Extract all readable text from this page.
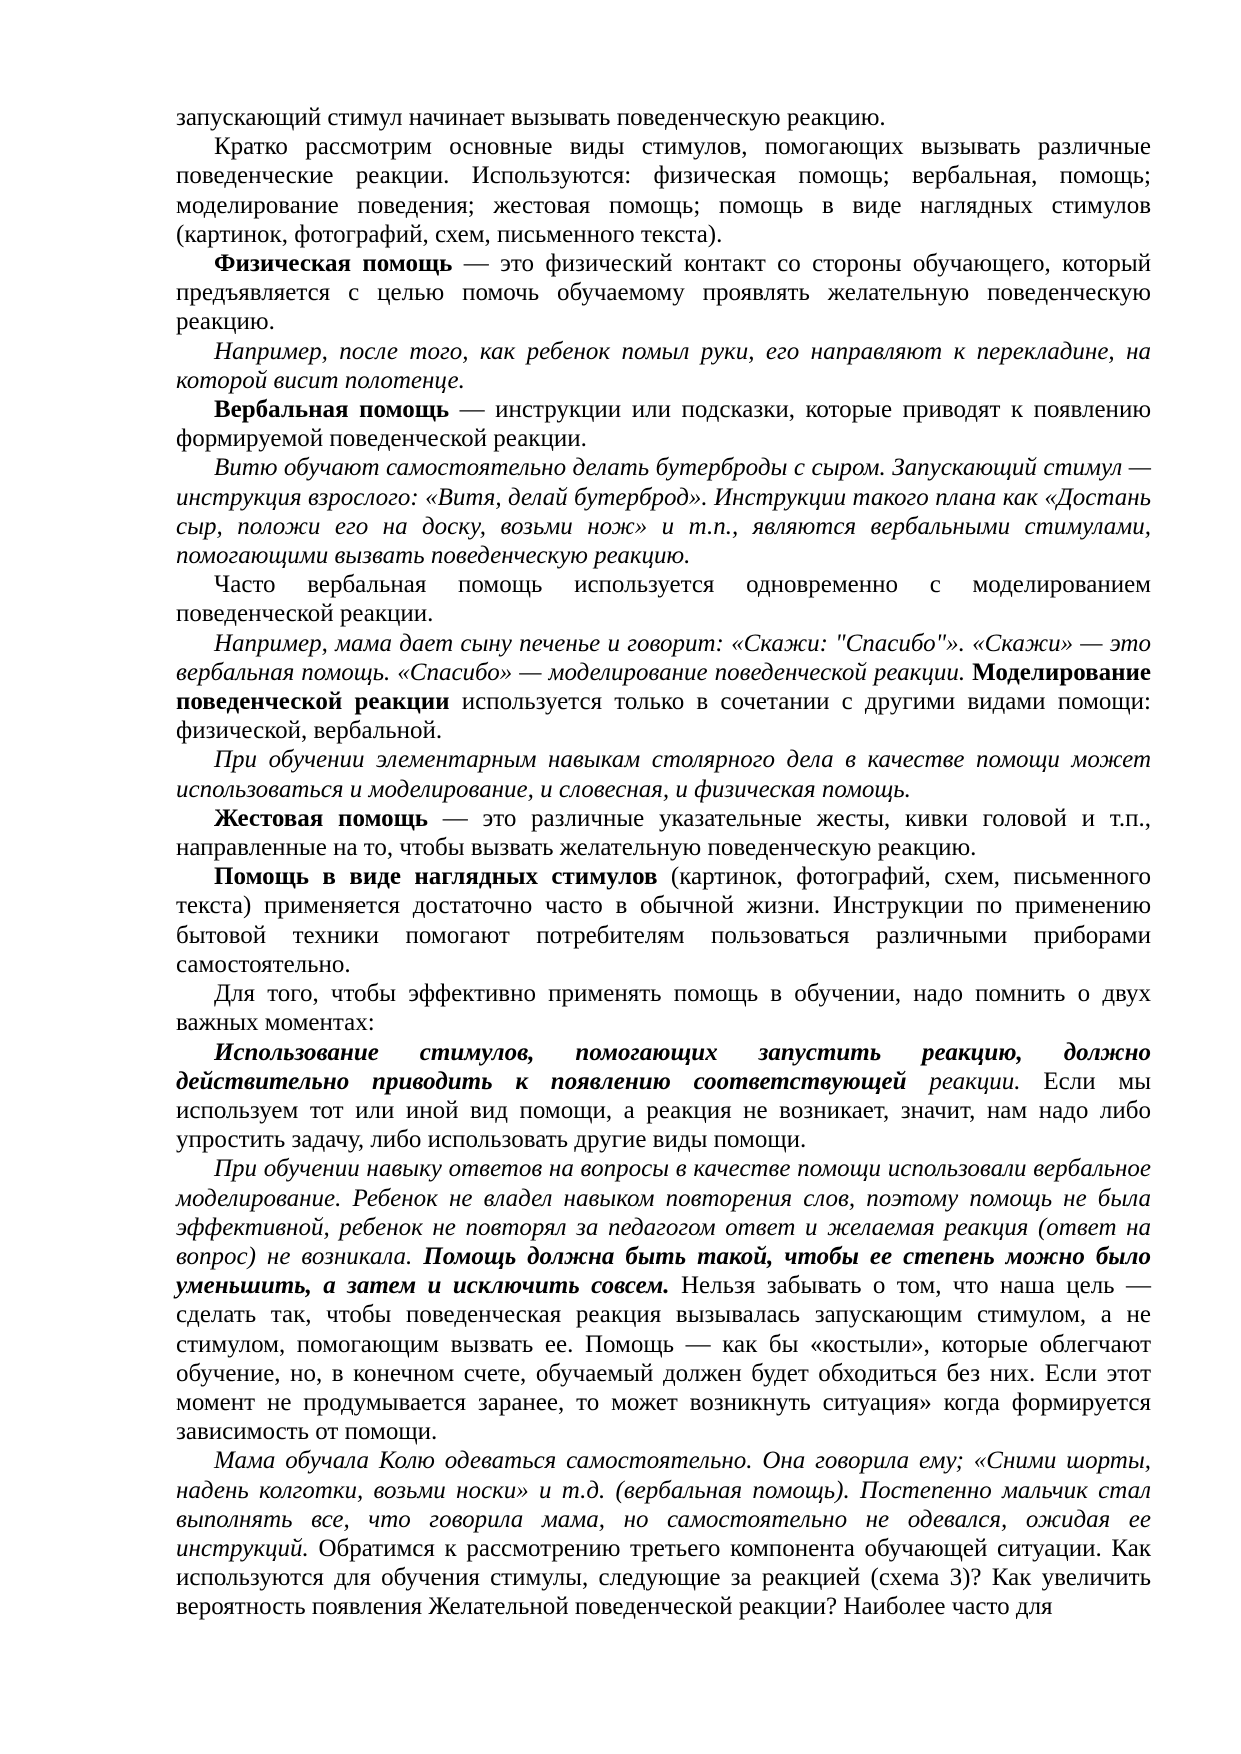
запускающий стимул начинает вызывать поведенческую реакцию.

Кратко рассмотрим основные виды стимулов, помогающих вызывать различные поведенческие реакции. Используются: физическая помощь; вербальная, помощь; моделирование поведения; жестовая помощь; помощь в виде наглядных стимулов (картинок, фотографий, схем, письменного текста).

Физическая помощь — это физический контакт со стороны обучающего, который предъявляется с целью помочь обучаемому проявлять желательную поведенческую реакцию.

Например, после того, как ребенок помыл руки, его направляют к перекладине, на которой висит полотенце.

Вербальная помощь — инструкции или подсказки, которые приводят к появлению формируемой поведенческой реакции.

Витю обучают самостоятельно делать бутерброды с сыром. Запускающий стимул — инструкция взрослого: «Витя, делай бутерброд». Инструкции такого плана как «Достань сыр, положи его на доску, возьми нож» и т.п., являются вербальными стимулами, помогающими вызвать поведенческую реакцию.

Часто вербальная помощь используется одновременно с моделированием поведенческой реакции.

Например, мама дает сыну печенье и говорит: «Скажи: "Спасибо"». «Скажи» — это вербальная помощь. «Спасибо» — моделирование поведенческой реакции. Моделирование поведенческой реакции используется только в сочетании с другими видами помощи: физической, вербальной.

При обучении элементарным навыкам столярного дела в качестве помощи может использоваться и моделирование, и словесная, и физическая помощь.

Жестовая помощь — это различные указательные жесты, кивки головой и т.п., направленные на то, чтобы вызвать желательную поведенческую реакцию.

Помощь в виде наглядных стимулов (картинок, фотографий, схем, письменного текста) применяется достаточно часто в обычной жизни. Инструкции по применению бытовой техники помогают потребителям пользоваться различными приборами самостоятельно.

Для того, чтобы эффективно применять помощь в обучении, надо помнить о двух важных моментах:

Использование стимулов, помогающих запустить реакцию, должно действительно приводить к появлению соответствующей реакции. Если мы используем тот или иной вид помощи, а реакция не возникает, значит, нам надо либо упростить задачу, либо использовать другие виды помощи.

При обучении навыку ответов на вопросы в качестве помощи использовали вербальное моделирование. Ребенок не владел навыком повторения слов, поэтому помощь не была эффективной, ребенок не повторял за педагогом ответ и желаемая реакция (ответ на вопрос) не возникала. Помощь должна быть такой, чтобы ее степень можно было уменьшить, а затем и исключить совсем. Нельзя забывать о том, что наша цель — сделать так, чтобы поведенческая реакция вызывалась запускающим стимулом, а не стимулом, помогающим вызвать ее. Помощь — как бы «костыли», которые облегчают обучение, но, в конечном счете, обучаемый должен будет обходиться без них. Если этот момент не продумывается заранее, то может возникнуть ситуация» когда формируется зависимость от помощи.

Мама обучала Колю одеваться самостоятельно. Она говорила ему; «Сними шорты, надень колготки, возьми носки» и т.д. (вербальная помощь). Постепенно мальчик стал выполнять все, что говорила мама, но самостоятельно не одевался, ожидая ее инструкций. Обратимся к рассмотрению третьего компонента обучающей ситуации. Как используются для обучения стимулы, следующие за реакцией (схема 3)? Как увеличить вероятность появления Желательной поведенческой реакции? Наиболее часто для
